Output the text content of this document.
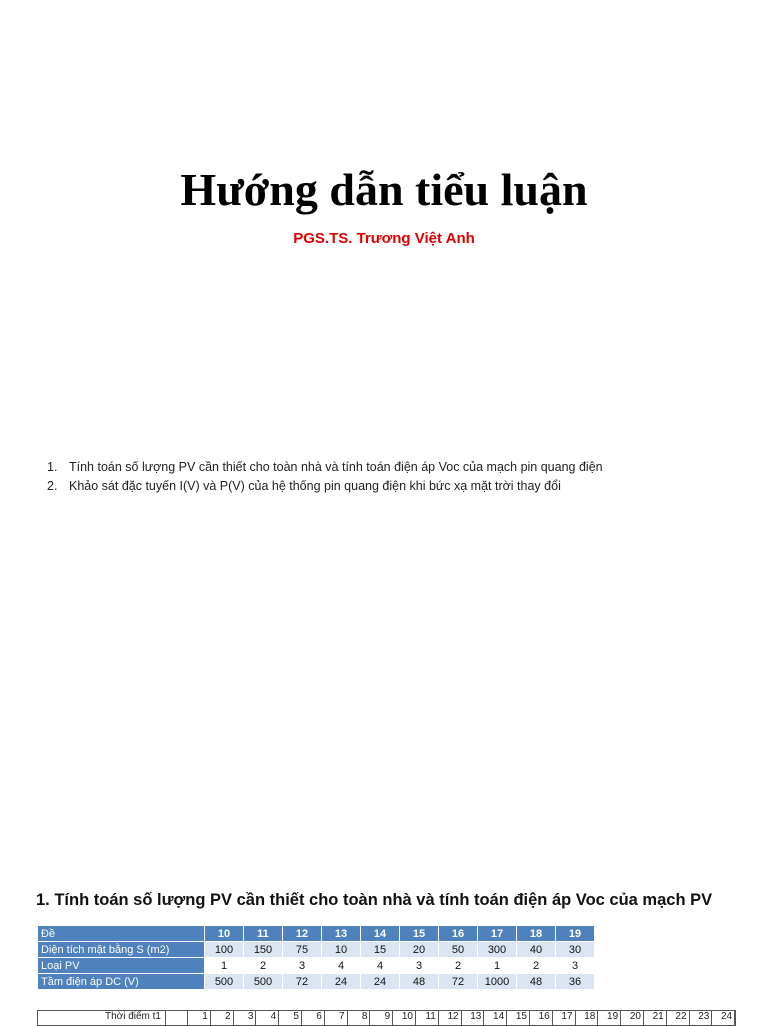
Hướng dẫn tiểu luận
PGS.TS. Trương Việt Anh
1. Tính toán số lượng PV cần thiết cho toàn nhà và tính toán điện áp Voc của mạch pin quang điện
2. Khảo sát đặc tuyến I(V) và P(V) của hệ thống pin quang điện khi bức xạ mặt trời thay đổi
1. Tính toán số lượng PV cần thiết cho toàn nhà và tính toán điện áp Voc của mạch PV
Đề	10	11	12	13	14	15	16	17	18	19
Diện tích mặt bằng S (m2)	100	150	75	10	15	20	50	300	40	30
Loại PV	1	2	3	4	4	3	2	1	2	3
Tầm điện áp DC (V)	500	500	72	24	24	48	72	1000	48	36
Thời điểm t1	1	2	3	4	5	6	7	8	9	10	11	12	13	14	15	16	17	18	19	20	21	22	23	24
